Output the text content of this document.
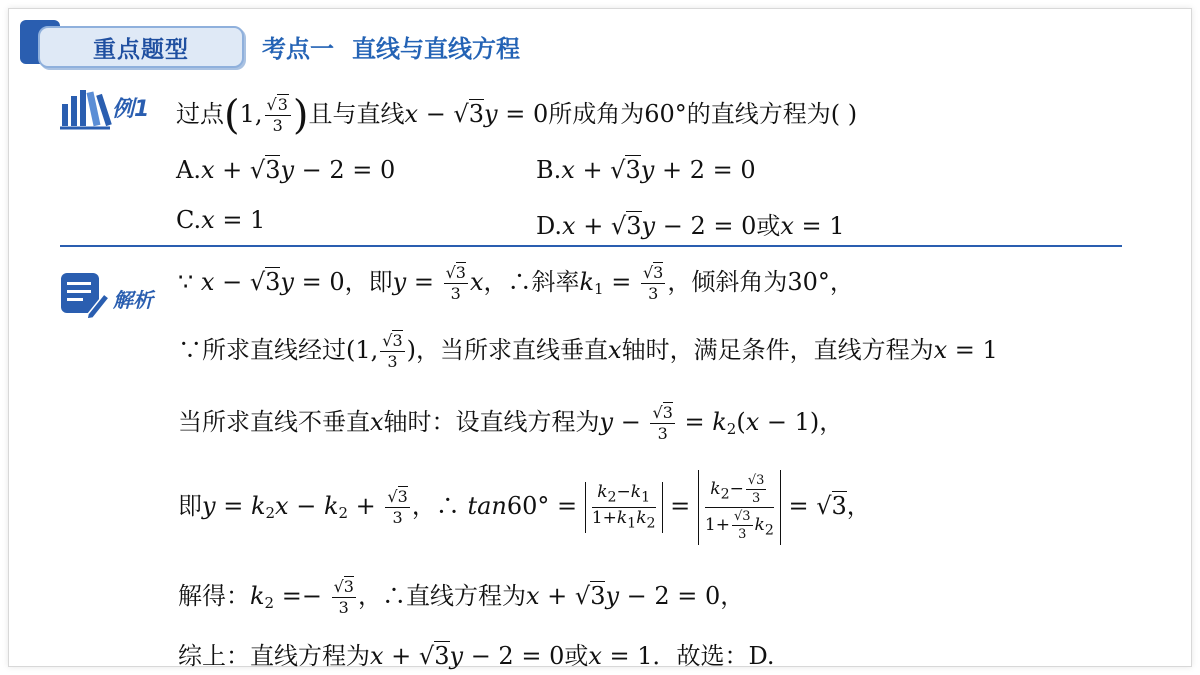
重点题型	考点一 直线与直线方程
例1 过点(1, $\frac{√3}{3}$ )且与直线x − √3y = 0所成角为60°的直线方程为( )
A.x + √3y − 2 = 0	B.x + √3y + 2 = 0
C.x = 1	D.x + √3y − 2 = 0或x = 1
解析
∵ x − √3y = 0，即$y = \frac{√3}{3}$ x，∴斜率$k_1 = \frac{√3}{3}$ ，倾斜角为30°，
∵所求直线经过(1, $\frac{√3}{3}$ )，当所求直线垂直x轴时，满足条件，直线方程为x = 1
当所求直线不垂直x轴时：设直线方程为$y - \frac{√3}{3} = k_2(x - 1)$，
即$y = k_2x - k_2 + \frac{√3}{3}$ ，∴ $\tan 60^\circ = \frac{k_2-k_1}{1+k_1k_2} = \frac{k_2- \frac{√3}{3}}{1+ \frac{√3}{3} k_2} = √3$，
解得：$k_2 =- \frac{√3}{3}$ ，∴直线方程为x + √3y − 2 = 0，
综上：直线方程为x + √3y − 2 = 0或x = 1．故选：D.
